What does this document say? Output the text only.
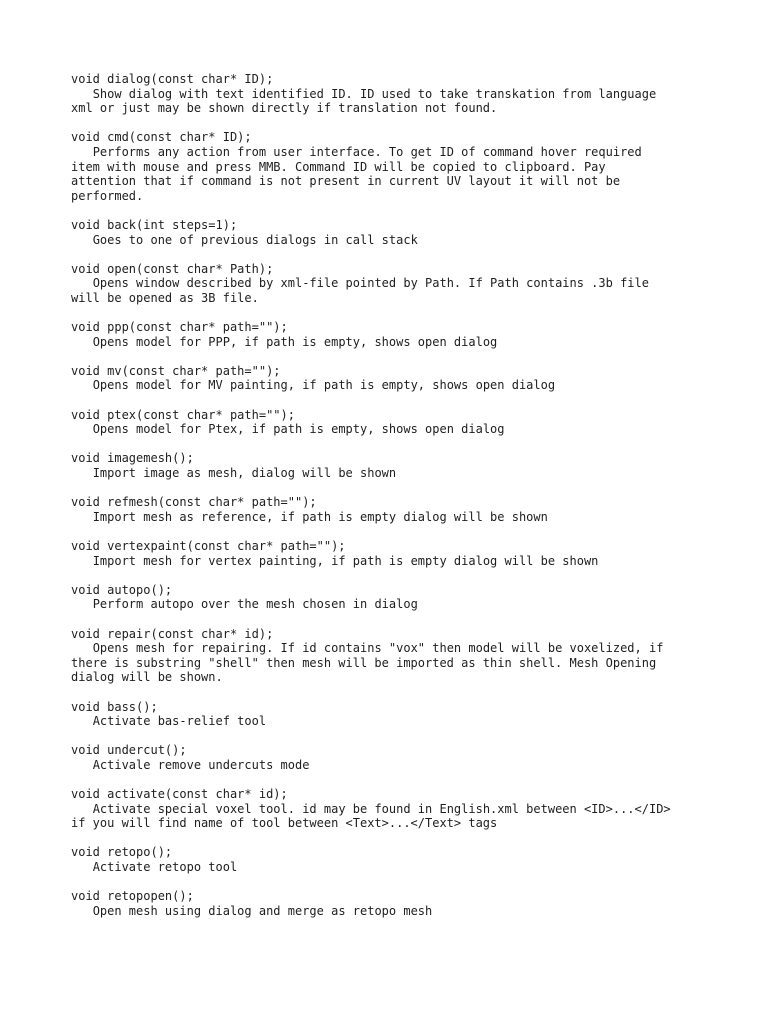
void dialog(const char* ID);
Show dialog with text identified ID. ID used to take transkation from language
xml or just may be shown directly if translation not found.
void cmd(const char* ID);
Performs any action from user interface. To get ID of command hover required
item with mouse and press MMB. Command ID will be copied to clipboard. Pay
attention that if command is not present in current UV layout it will not be
performed.
void back(int steps=1);
Goes to one of previous dialogs in call stack
void open(const char* Path);
Opens window described by xml-file pointed by Path. If Path contains .3b file
will be opened as 3B file.
void ppp(const char* path="");
Opens model for PPP, if path is empty, shows open dialog
void mv(const char* path="");
Opens model for MV painting, if path is empty, shows open dialog
void ptex(const char* path="");
Opens model for Ptex, if path is empty, shows open dialog
void imagemesh();
Import image as mesh, dialog will be shown
void refmesh(const char* path="");
Import mesh as reference, if path is empty dialog will be shown
void vertexpaint(const char* path="");
Import mesh for vertex painting, if path is empty dialog will be shown
void autopo();
Perform autopo over the mesh chosen in dialog
void repair(const char* id);
Opens mesh for repairing. If id contains "vox" then model will be voxelized, if
there is substring "shell" then mesh will be imported as thin shell. Mesh Opening
dialog will be shown.
void bass();
Activate bas-relief tool
void undercut();
Activale remove undercuts mode
void activate(const char* id);
Activate special voxel tool. id may be found in English.xml between <ID>...</ID>
if you will find name of tool between <Text>...</Text> tags
void retopo();
Activate retopo tool
void retopopen();
Open mesh using dialog and merge as retopo mesh
